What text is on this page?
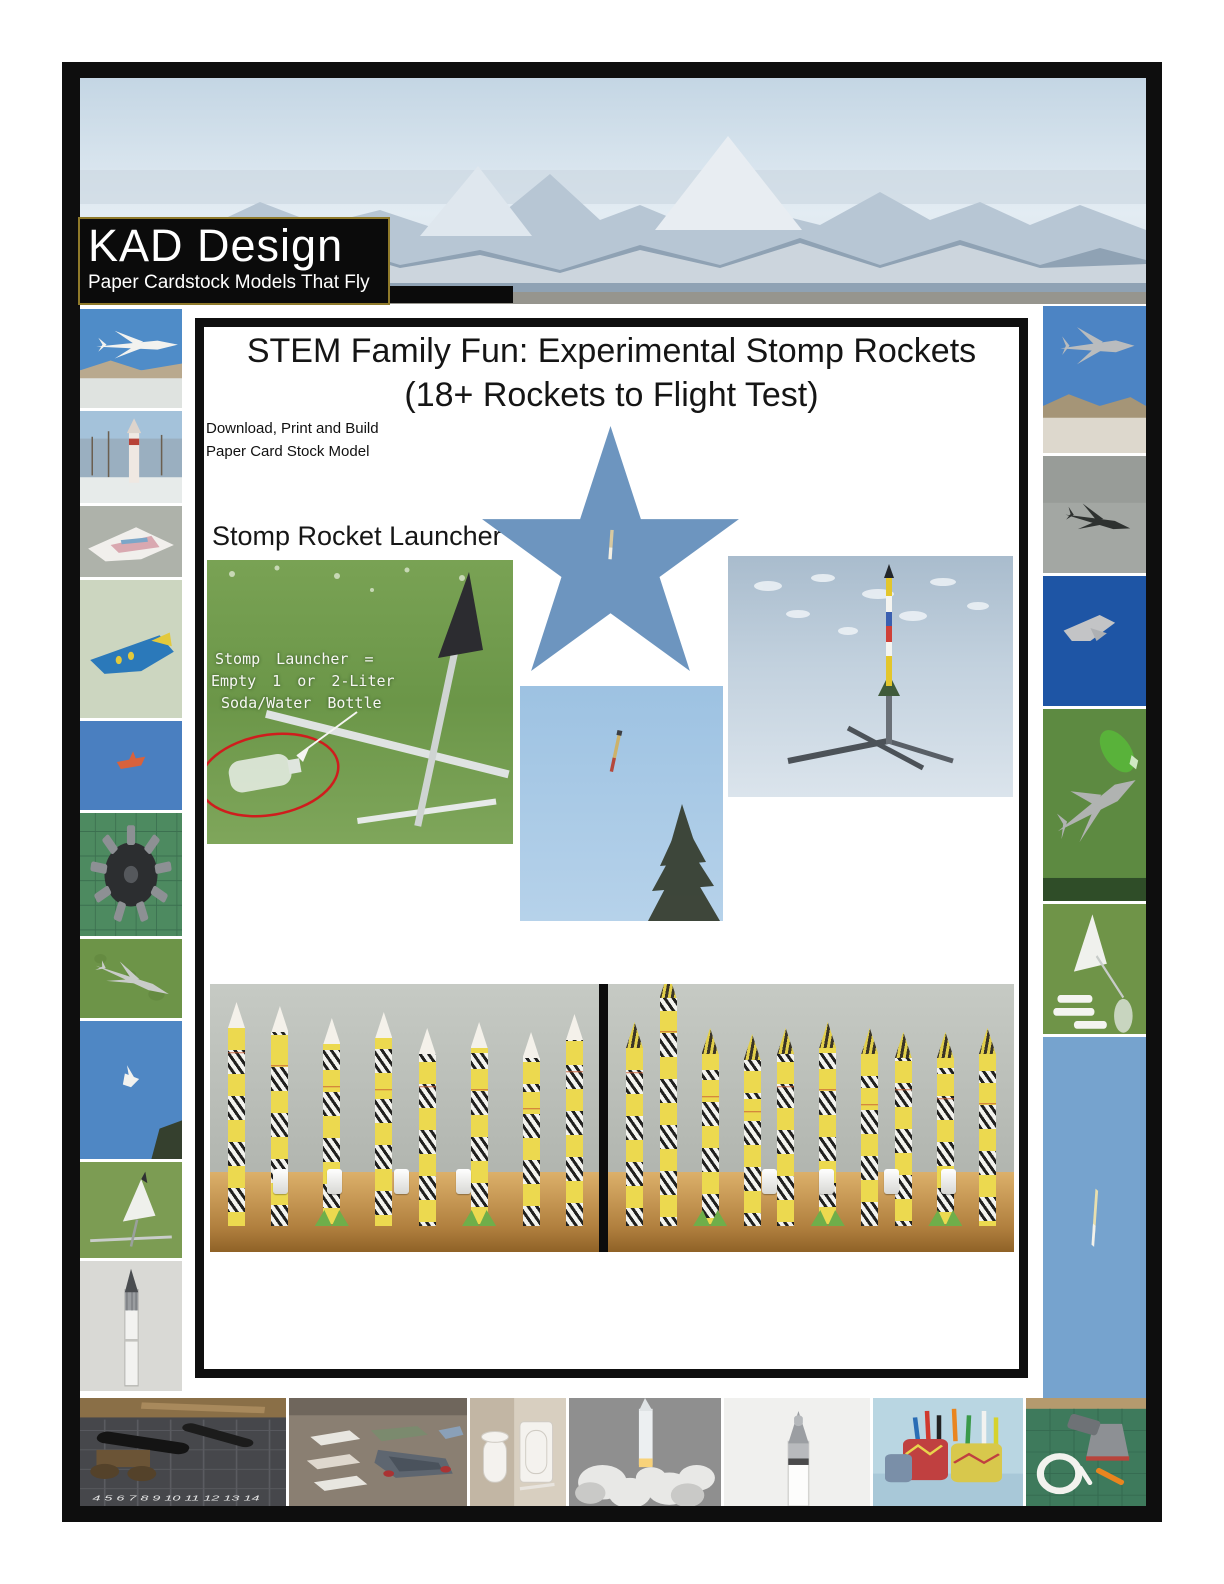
KAD Design
Paper Cardstock Models That Fly
STEM Family Fun: Experimental Stomp Rockets
(18+ Rockets to Flight Test)
Download, Print and Build
Paper Card Stock Model
Stomp Rocket Launcher
Stomp Launcher =
Empty 1 or 2-Liter
Soda/Water Bottle
4 5 6 7 8 9 10 11 12 13 14
